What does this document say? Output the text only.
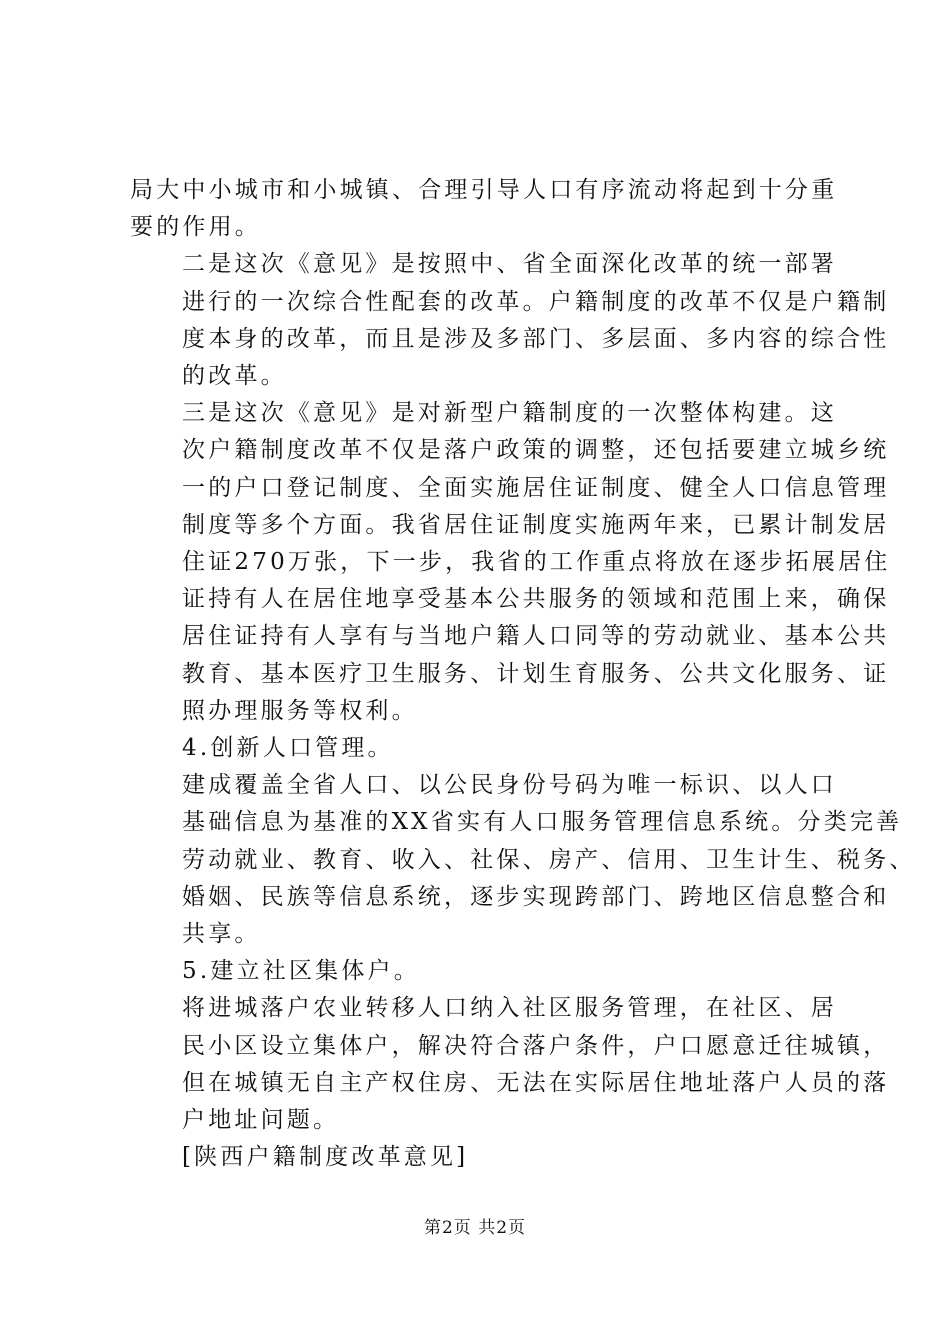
局大中小城市和小城镇、合理引导人口有序流动将起到十分重
要的作用。

二是这次《意见》是按照中、省全面深化改革的统一部署
进行的一次综合性配套的改革。户籍制度的改革不仅是户籍制
度本身的改革，而且是涉及多部门、多层面、多内容的综合性
的改革。

三是这次《意见》是对新型户籍制度的一次整体构建。这
次户籍制度改革不仅是落户政策的调整，还包括要建立城乡统
一的户口登记制度、全面实施居住证制度、健全人口信息管理
制度等多个方面。我省居住证制度实施两年来，已累计制发居
住证270万张，下一步，我省的工作重点将放在逐步拓展居住
证持有人在居住地享受基本公共服务的领域和范围上来，确保
居住证持有人享有与当地户籍人口同等的劳动就业、基本公共
教育、基本医疗卫生服务、计划生育服务、公共文化服务、证
照办理服务等权利。

4.创新人口管理。

建成覆盖全省人口、以公民身份号码为唯一标识、以人口
基础信息为基准的XX省实有人口服务管理信息系统。分类完善
劳动就业、教育、收入、社保、房产、信用、卫生计生、税务、
婚姻、民族等信息系统，逐步实现跨部门、跨地区信息整合和
共享。

5.建立社区集体户。

将进城落户农业转移人口纳入社区服务管理，在社区、居
民小区设立集体户，解决符合落户条件，户口愿意迁往城镇，
但在城镇无自主产权住房、无法在实际居住地址落户人员的落
户地址问题。

[陕西户籍制度改革意见]

第2页 共2页
